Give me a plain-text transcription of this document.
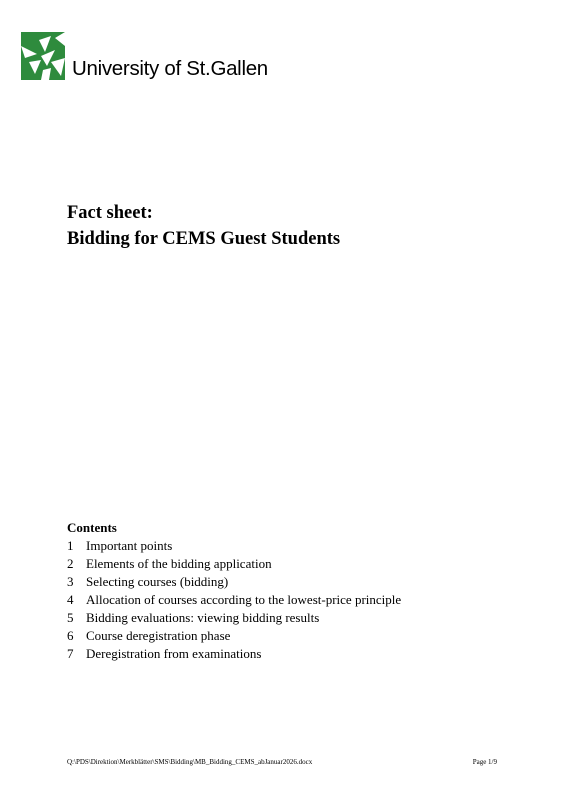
University of St.Gallen
Fact sheet:
Bidding for CEMS Guest Students
Contents
1 Important points
2 Elements of the bidding application
3 Selecting courses (bidding)
4 Allocation of courses according to the lowest-price principle
5 Bidding evaluations: viewing bidding results
6 Course deregistration phase
7 Deregistration from examinations
Q:\PDS\Direktion\Merkblätter\SMS\Bidding\MB_Bidding_CEMS_abJanuar2026.docx	Page 1/9
